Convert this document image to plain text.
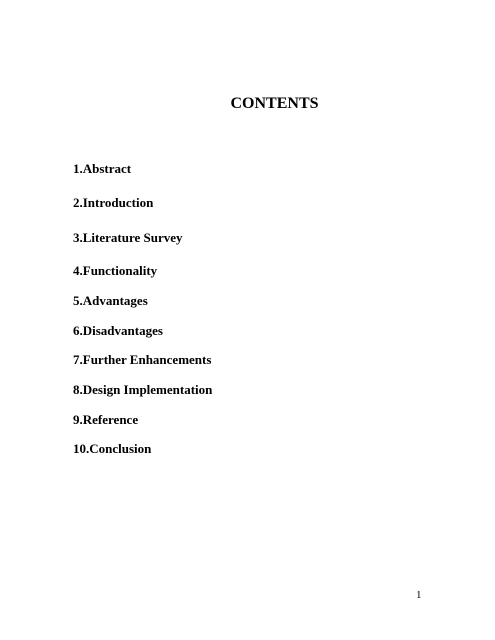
CONTENTS
1.Abstract
2.Introduction
3.Literature Survey
4.Functionality
5.Advantages
6.Disadvantages
7.Further Enhancements
8.Design Implementation
9.Reference
10.Conclusion
1
